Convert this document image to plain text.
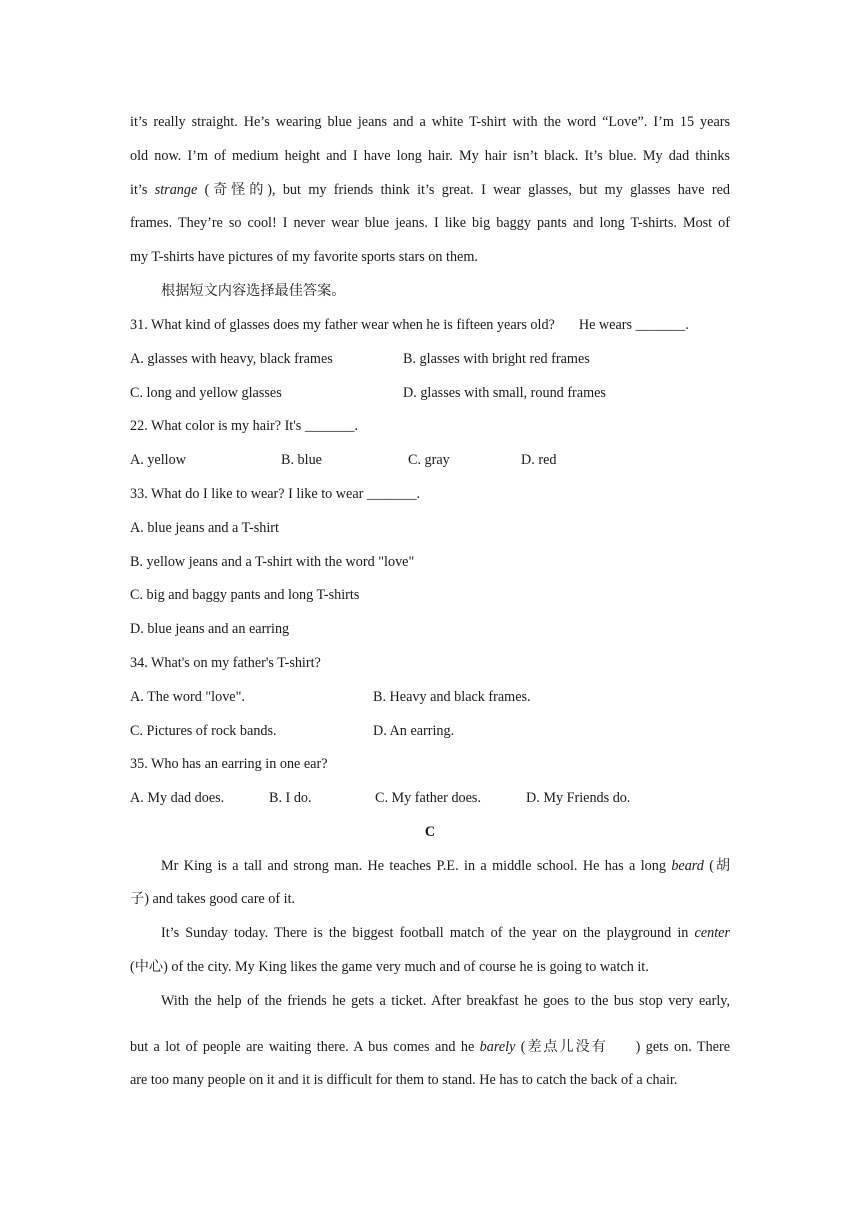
it’s really straight. He’s wearing blue jeans and a white T-shirt with the word “Love”. I’m 15 years
old now. I’m of medium height and I have long hair. My hair isn’t black. It’s blue. My dad thinks
it’s strange (奇怪的), but my friends think it’s great. I wear glasses, but my glasses have red
frames. They’re so cool! I never wear blue jeans. I like big baggy pants and long T-shirts. Most of
my T-shirts have pictures of my favorite sports stars on them.
根据短文内容选择最佳答案。
31. What kind of glasses does my father wear when he is fifteen years old? He wears _______.
A. glasses with heavy, black frames	B. glasses with bright red frames
C. long and yellow glasses	D. glasses with small, round frames
22. What color is my hair? It's _______.
A. yellow	B. blue	C. gray	D. red
33. What do I like to wear? I like to wear _______.
A. blue jeans and a T-shirt
B. yellow jeans and a T-shirt with the word "love"
C. big and baggy pants and long T-shirts
D. blue jeans and an earring
34. What's on my father's T-shirt?
A. The word "love".	B. Heavy and black frames.
C. Pictures of rock bands.	D. An earring.
35. Who has an earring in one ear?
A. My dad does.	B. I do.	C. My father does.	D. My Friends do.
C
Mr King is a tall and strong man. He teaches P.E. in a middle school. He has a long beard (胡
子) and takes good care of it.
It’s Sunday today. There is the biggest football match of the year on the playground in center
(中心) of the city. My King likes the game very much and of course he is going to watch it.
With the help of the friends he gets a ticket. After breakfast he goes to the bus stop very early,
but a lot of people are waiting there. A bus comes and he barely (差点儿没有 ) gets on. There
are too many people on it and it is difficult for them to stand. He has to catch the back of a chair.
